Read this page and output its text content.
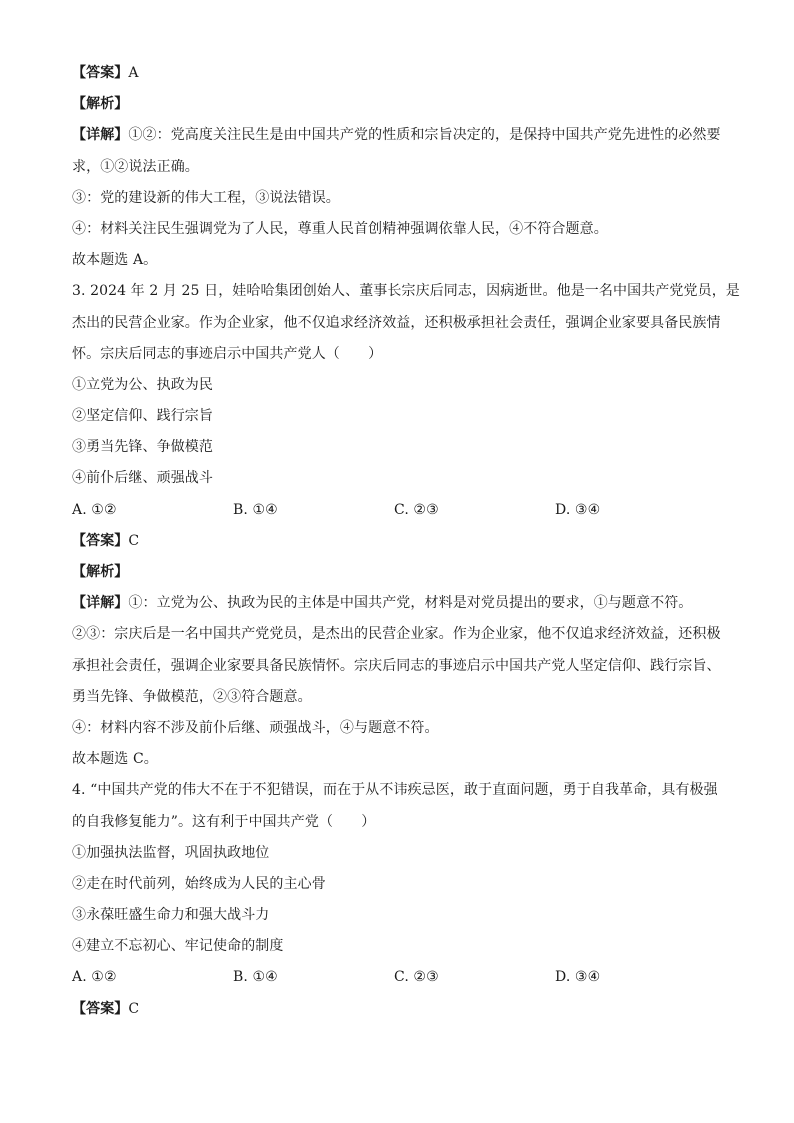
【答案】A
【解析】
【详解】①②：党高度关注民生是由中国共产党的性质和宗旨决定的，是保持中国共产党先进性的必然要
求，①②说法正确。
③：党的建设新的伟大工程，③说法错误。
④：材料关注民生强调党为了人民，尊重人民首创精神强调依靠人民，④不符合题意。
故本题选 A。
3. 2024 年 2 月 25 日，娃哈哈集团创始人、董事长宗庆后同志，因病逝世。他是一名中国共产党党员，是
杰出的民营企业家。作为企业家，他不仅追求经济效益，还积极承担社会责任，强调企业家要具备民族情
怀。宗庆后同志的事迹启示中国共产党人（　　）
①立党为公、执政为民
②坚定信仰、践行宗旨
③勇当先锋、争做模范
④前仆后继、顽强战斗
A. ①②	B. ①④	C. ②③	D. ③④
【答案】C
【解析】
【详解】①：立党为公、执政为民的主体是中国共产党，材料是对党员提出的要求，①与题意不符。
②③：宗庆后是一名中国共产党党员，是杰出的民营企业家。作为企业家，他不仅追求经济效益，还积极
承担社会责任，强调企业家要具备民族情怀。宗庆后同志的事迹启示中国共产党人坚定信仰、践行宗旨、
勇当先锋、争做模范，②③符合题意。
④：材料内容不涉及前仆后继、顽强战斗，④与题意不符。
故本题选 C。
4. “中国共产党的伟大不在于不犯错误，而在于从不讳疾忌医，敢于直面问题，勇于自我革命，具有极强
的自我修复能力”。这有利于中国共产党（　　）
①加强执法监督，巩固执政地位
②走在时代前列，始终成为人民的主心骨
③永葆旺盛生命力和强大战斗力
④建立不忘初心、牢记使命的制度
A. ①②	B. ①④	C. ②③	D. ③④
【答案】C
